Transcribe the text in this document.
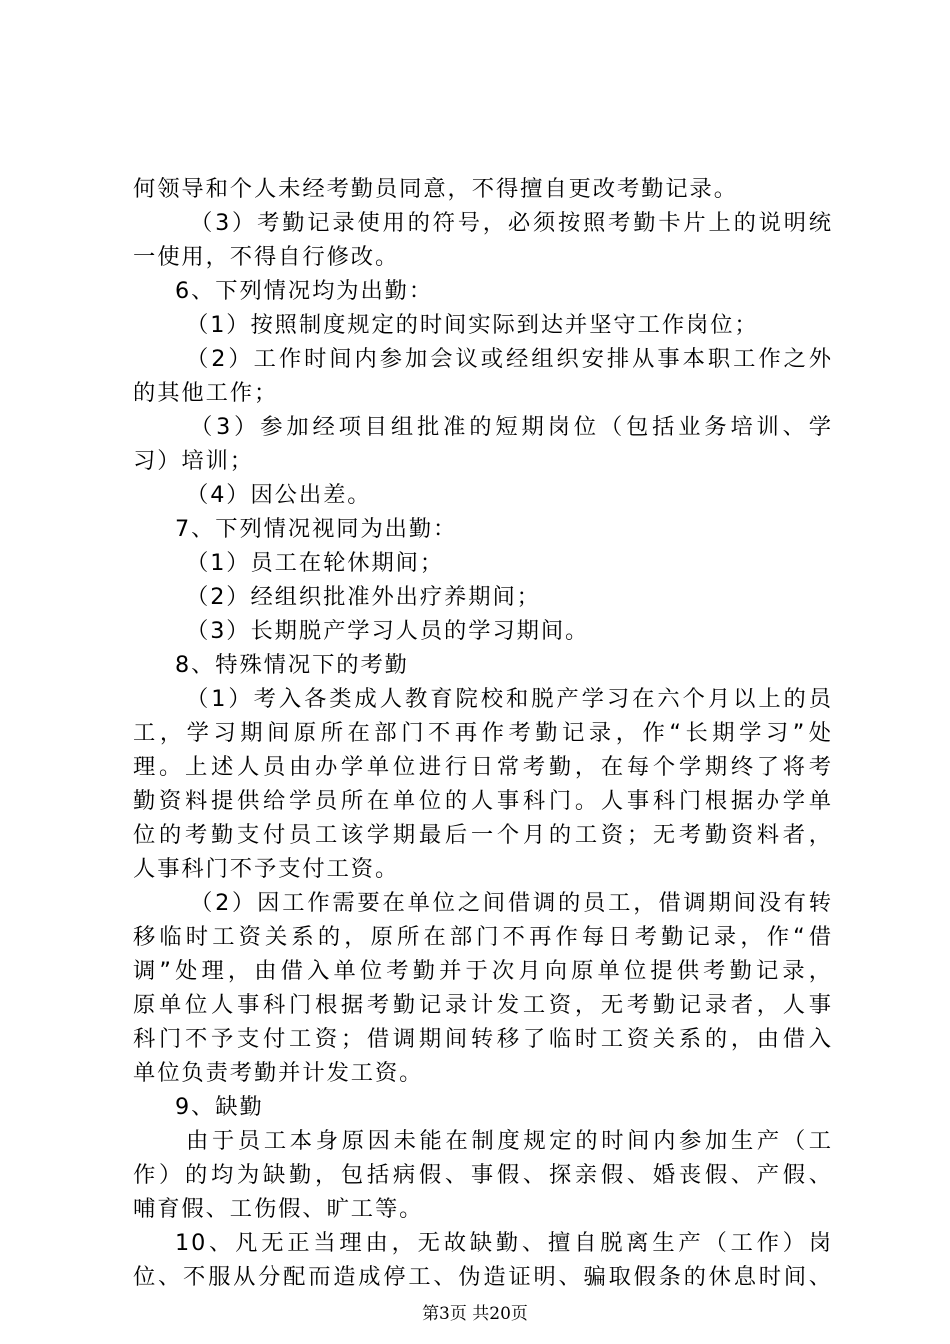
何领导和个人未经考勤员同意，不得擅自更改考勤记录。
（3）考勤记录使用的符号，必须按照考勤卡片上的说明统
一使用，不得自行修改。
6、下列情况均为出勤：
（1）按照制度规定的时间实际到达并坚守工作岗位；
（2）工作时间内参加会议或经组织安排从事本职工作之外
的其他工作；
（3）参加经项目组批准的短期岗位（包括业务培训、学
习）培训；
（4）因公出差。
7、下列情况视同为出勤：
（1）员工在轮休期间；
（2）经组织批准外出疗养期间；
（3）长期脱产学习人员的学习期间。
8、特殊情况下的考勤
（1）考入各类成人教育院校和脱产学习在六个月以上的员
工，学习期间原所在部门不再作考勤记录，作“长期学习”处
理。上述人员由办学单位进行日常考勤，在每个学期终了将考
勤资料提供给学员所在单位的人事科门。人事科门根据办学单
位的考勤支付员工该学期最后一个月的工资；无考勤资料者，
人事科门不予支付工资。
（2）因工作需要在单位之间借调的员工，借调期间没有转
移临时工资关系的，原所在部门不再作每日考勤记录，作“借
调”处理，由借入单位考勤并于次月向原单位提供考勤记录，
原单位人事科门根据考勤记录计发工资，无考勤记录者，人事
科门不予支付工资；借调期间转移了临时工资关系的，由借入
单位负责考勤并计发工资。
9、缺勤
由于员工本身原因未能在制度规定的时间内参加生产（工
作）的均为缺勤，包括病假、事假、探亲假、婚丧假、产假、
哺育假、工伤假、旷工等。
10、凡无正当理由，无故缺勤、擅自脱离生产（工作）岗
位、不服从分配而造成停工、伪造证明、骗取假条的休息时间、
第3页 共20页
